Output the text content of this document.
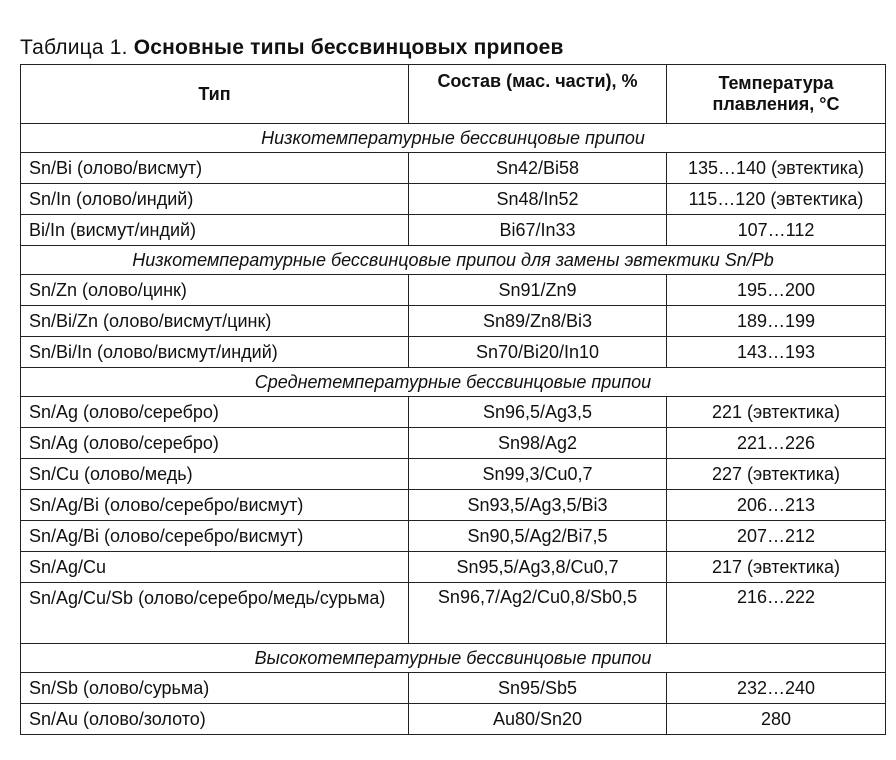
Таблица 1. Основные типы бессвинцовых припоев
Тип	Состав (мас. части), %	Температура плавления, °С
Низкотемпературные бессвинцовые припои		
Sn/Bi (олово/висмут)	Sn42/Bi58	135…140 (эвтектика)
Sn/In (олово/индий)	Sn48/In52	115…120 (эвтектика)
Bi/In (висмут/индий)	Bi67/In33	107…112
Низкотемпературные бессвинцовые припои для замены эвтектики Sn/Pb		
Sn/Zn (олово/цинк)	Sn91/Zn9	195…200
Sn/Bi/Zn (олово/висмут/цинк)	Sn89/Zn8/Bi3	189…199
Sn/Bi/In (олово/висмут/индий)	Sn70/Bi20/In10	143…193
Среднетемпературные бессвинцовые припои		
Sn/Ag (олово/серебро)	Sn96,5/Ag3,5	221 (эвтектика)
Sn/Ag (олово/серебро)	Sn98/Ag2	221…226
Sn/Cu (олово/медь)	Sn99,3/Cu0,7	227 (эвтектика)
Sn/Ag/Bi (олово/серебро/висмут)	Sn93,5/Ag3,5/Bi3	206…213
Sn/Ag/Bi (олово/серебро/висмут)	Sn90,5/Ag2/Bi7,5	207…212
Sn/Ag/Cu	Sn95,5/Ag3,8/Cu0,7	217 (эвтектика)
Sn/Ag/Cu/Sb (олово/серебро/медь/сурьма)	Sn96,7/Ag2/Cu0,8/Sb0,5	216…222
Высокотемпературные бессвинцовые припои		
Sn/Sb (олово/сурьма)	Sn95/Sb5	232…240
Sn/Au (олово/золото)	Au80/Sn20	280
